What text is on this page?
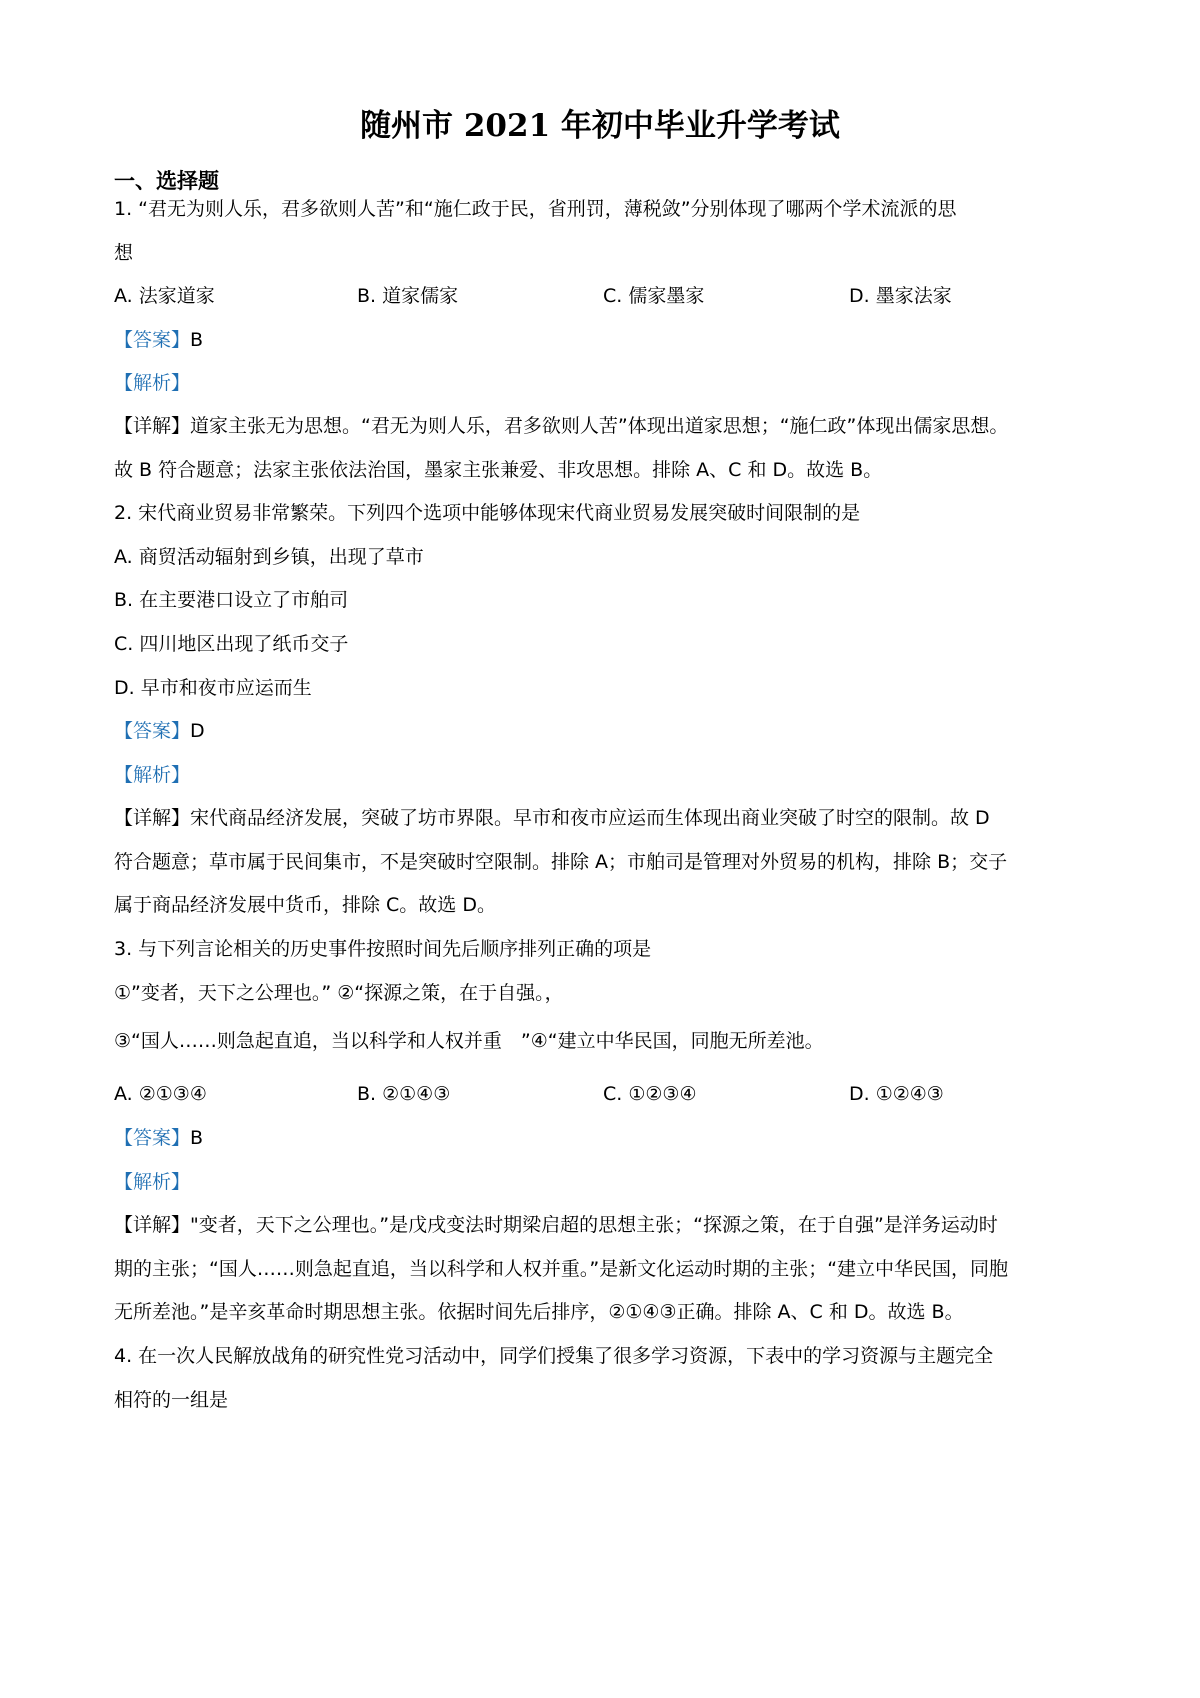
随州市 2021 年初中毕业升学考试
一、选择题
1. “君无为则人乐，君多欲则人苦”和“施仁政于民，省刑罚，薄税敛”分别体现了哪两个学术流派的思
想
A. 法家道家	B. 道家儒家	C. 儒家墨家	D. 墨家法家
【答案】B
【解析】
【详解】道家主张无为思想。“君无为则人乐，君多欲则人苦”体现出道家思想；“施仁政”体现出儒家思想。
故 B 符合题意；法家主张依法治国，墨家主张兼爱、非攻思想。排除 A、C 和 D。故选 B。
2. 宋代商业贸易非常繁荣。下列四个选项中能够体现宋代商业贸易发展突破时间限制的是
A. 商贸活动辐射到乡镇，出现了草市
B. 在主要港口设立了市舶司
C. 四川地区出现了纸币交子
D. 早市和夜市应运而生
【答案】D
【解析】
【详解】宋代商品经济发展，突破了坊市界限。早市和夜市应运而生体现出商业突破了时空的限制。故 D
符合题意；草市属于民间集市，不是突破时空限制。排除 A；市舶司是管理对外贸易的机构，排除 B；交子
属于商品经济发展中货币，排除 C。故选 D。
3. 与下列言论相关的历史事件按照时间先后顺序排列正确的项是
①”变者，天下之公理也。” ②“探源之策，在于自强。，
③“国人……则急起直追，当以科学和人权并重　”④“建立中华民国，同胞无所差池。
A. ②①③④	B. ②①④③	C. ①②③④	D. ①②④③
【答案】B
【解析】
【详解】"变者，天下之公理也。”是戊戌变法时期梁启超的思想主张；“探源之策，在于自强”是洋务运动时
期的主张；“国人……则急起直追，当以科学和人权并重。”是新文化运动时期的主张；“建立中华民国，同胞
无所差池。”是辛亥革命时期思想主张。依据时间先后排序，②①④③正确。排除 A、C 和 D。故选 B。
4. 在一次人民解放战角的研究性党习活动中，同学们授集了很多学习资源，下表中的学习资源与主题完全
相符的一组是
